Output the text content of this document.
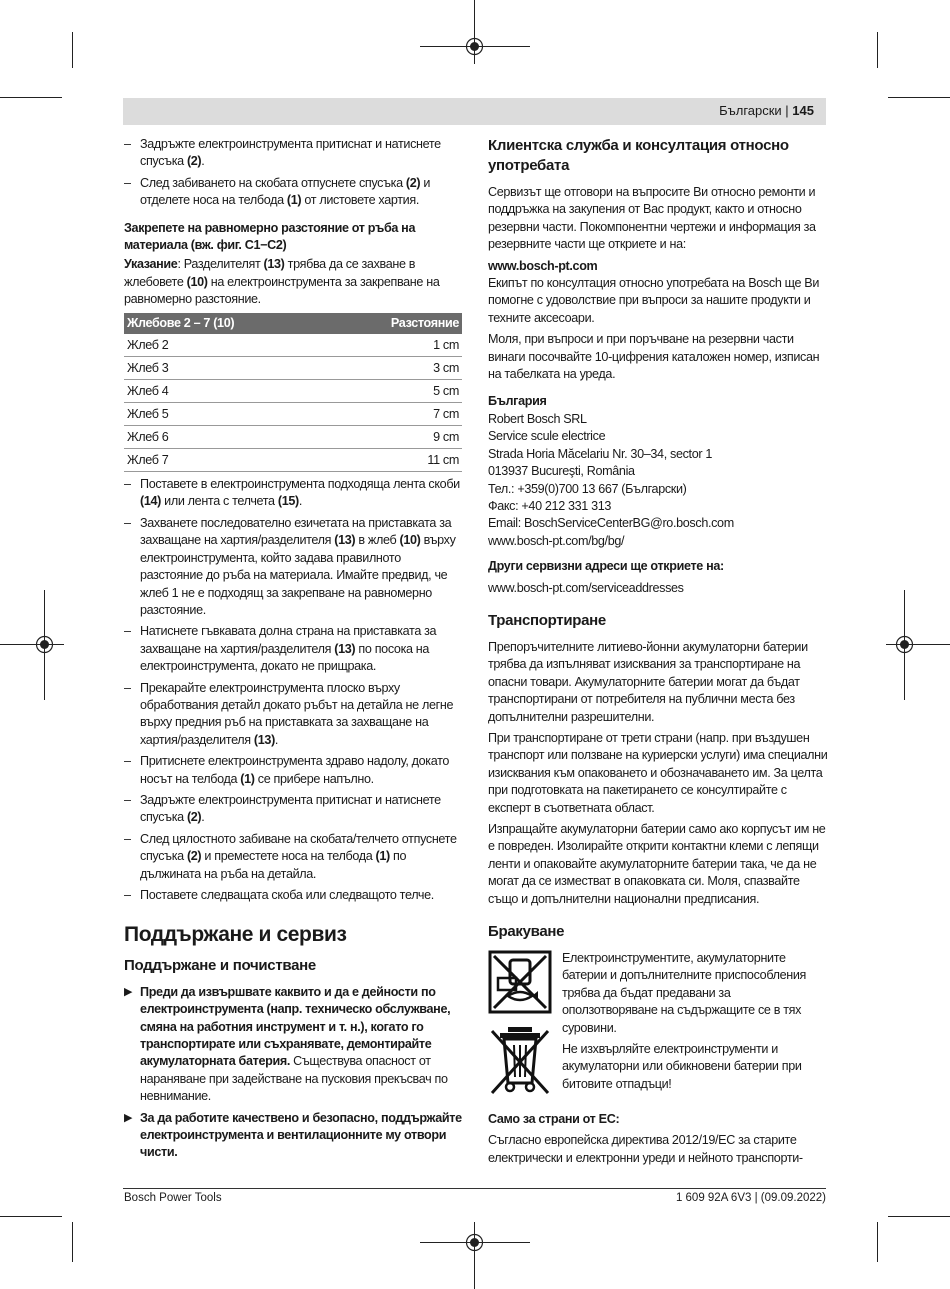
Български | 145
– Задръжте електроинструмента притиснат и натиснете спусъка (2).
– След забиването на скобата отпуснете спусъка (2) и отделете носа на телбода (1) от листовете хартия.
Закрепете на равномерно разстояние от ръба на материала (вж. фиг. C1−C2)

Указание: Разделителят (13) трябва да се захване в жлебовете (10) на електроинструмента за закрепване на равномерно разстояние.

Жлебове 2 – 7 (10)	Разстояние
Жлеб 2	1 cm
Жлеб 3	3 cm
Жлеб 4	5 cm
Жлеб 5	7 cm
Жлеб 6	9 cm
Жлеб 7	11 cm
– Поставете в електроинструмента подходяща лента скоби (14) или лента с телчета (15).
– Захванете последователно езичетата на приставката за захващане на хартия/разделителя (13) в жлеб (10) върху електроинструмента, който задава правилното разстояние до ръба на материала. Имайте предвид, че жлеб 1 не е подходящ за закрепване на равномерно разстояние.
– Натиснете гъвкавата долна страна на приставката за захващане на хартия/разделителя (13) по посока на електроинструмента, докато не прищрака.
– Прекарайте електроинструмента плоско върху обработвания детайл докато ръбът на детайла не легне върху предния ръб на приставката за захващане на хартия/разделителя (13).
– Притиснете електроинструмента здраво надолу, докато носът на телбода (1) се прибере напълно.
– Задръжте електроинструмента притиснат и натиснете спусъка (2).
– След цялостното забиване на скобата/телчето отпуснете спусъка (2) и преместете носа на телбода (1) по дължината на ръба на детайла.
– Поставете следващата скоба или следващото телче.
Поддържане и сервиз
Поддържане и почистване
▶ Преди да извършвате каквито и да е дейности по електроинструмента (напр. техническо обслужване, смяна на работния инструмент и т. н.), когато го транспортирате или съхранявате, демонтирайте акумулаторната батерия. Съществува опасност от нараняване при задействане на пусковия прекъсвач по невнимание.
▶ За да работите качествено и безопасно, поддържайте електроинструмента и вентилационните му отвори чисти.
Клиентска служба и консултация относно употребата

Сервизът ще отговори на въпросите Ви относно ремонти и поддръжка на закупения от Вас продукт, както и относно резервни части. Покомпонентни чертежи и информация за резервните части ще откриете и на:

www.bosch-pt.com

Екипът по консултация относно употребата на Bosch ще Ви помогне с удоволствие при въпроси за нашите продукти и техните аксесоари.

Моля, при въпроси и при поръчване на резервни части винаги посочвайте 10-цифрения каталожен номер, изписан на табелката на уреда.

България
Robert Bosch SRL
Service scule electrice
Strada Horia Măcelariu Nr. 30–34, sector 1
013937 Bucureşti, România
Тел.: +359(0)700 13 667 (Български)
Факс: +40 212 331 313
Email: BoschServiceCenterBG@ro.bosch.com
www.bosch-pt.com/bg/bg/
Други сервизни адреси ще откриете на:
www.bosch-pt.com/serviceaddresses
Транспортиране

Препоръчителните литиево-йонни акумулаторни батерии трябва да изпълняват изисквания за транспортиране на опасни товари. Акумулаторните батерии могат да бъдат транспортирани от потребителя на публични места без допълнителни разрешителни.

При транспортиране от трети страни (напр. при въздушен транспорт или ползване на куриерски услуги) има специални изисквания към опаковането и обозначаването им. За целта при подготовката на пакетирането се консултирайте с експерт в съответната област.

Изпращайте акумулаторни батерии само ако корпусът им не е повреден. Изолирайте открити контактни клеми с лепящи ленти и опаковайте акумулаторните батерии така, че да не могат да се изместват в опаковката си. Моля, спазвайте също и допълнителни национални предписания.

Бракуване

Електроинструментите, акумулаторните батерии и допълнителните приспособления трябва да бъдат предавани за оползотворяване на съдържащите се в тях суровини.

Не изхвърляйте електроинструменти и акумулаторни или обикновени батерии при битовите отпадъци!

Само за страни от ЕС:

Съгласно европейска директива 2012/19/ЕС за старите електрически и електронни уреди и нейното транспорти-

Bosch Power Tools	1 609 92A 6V3 | (09.09.2022)
